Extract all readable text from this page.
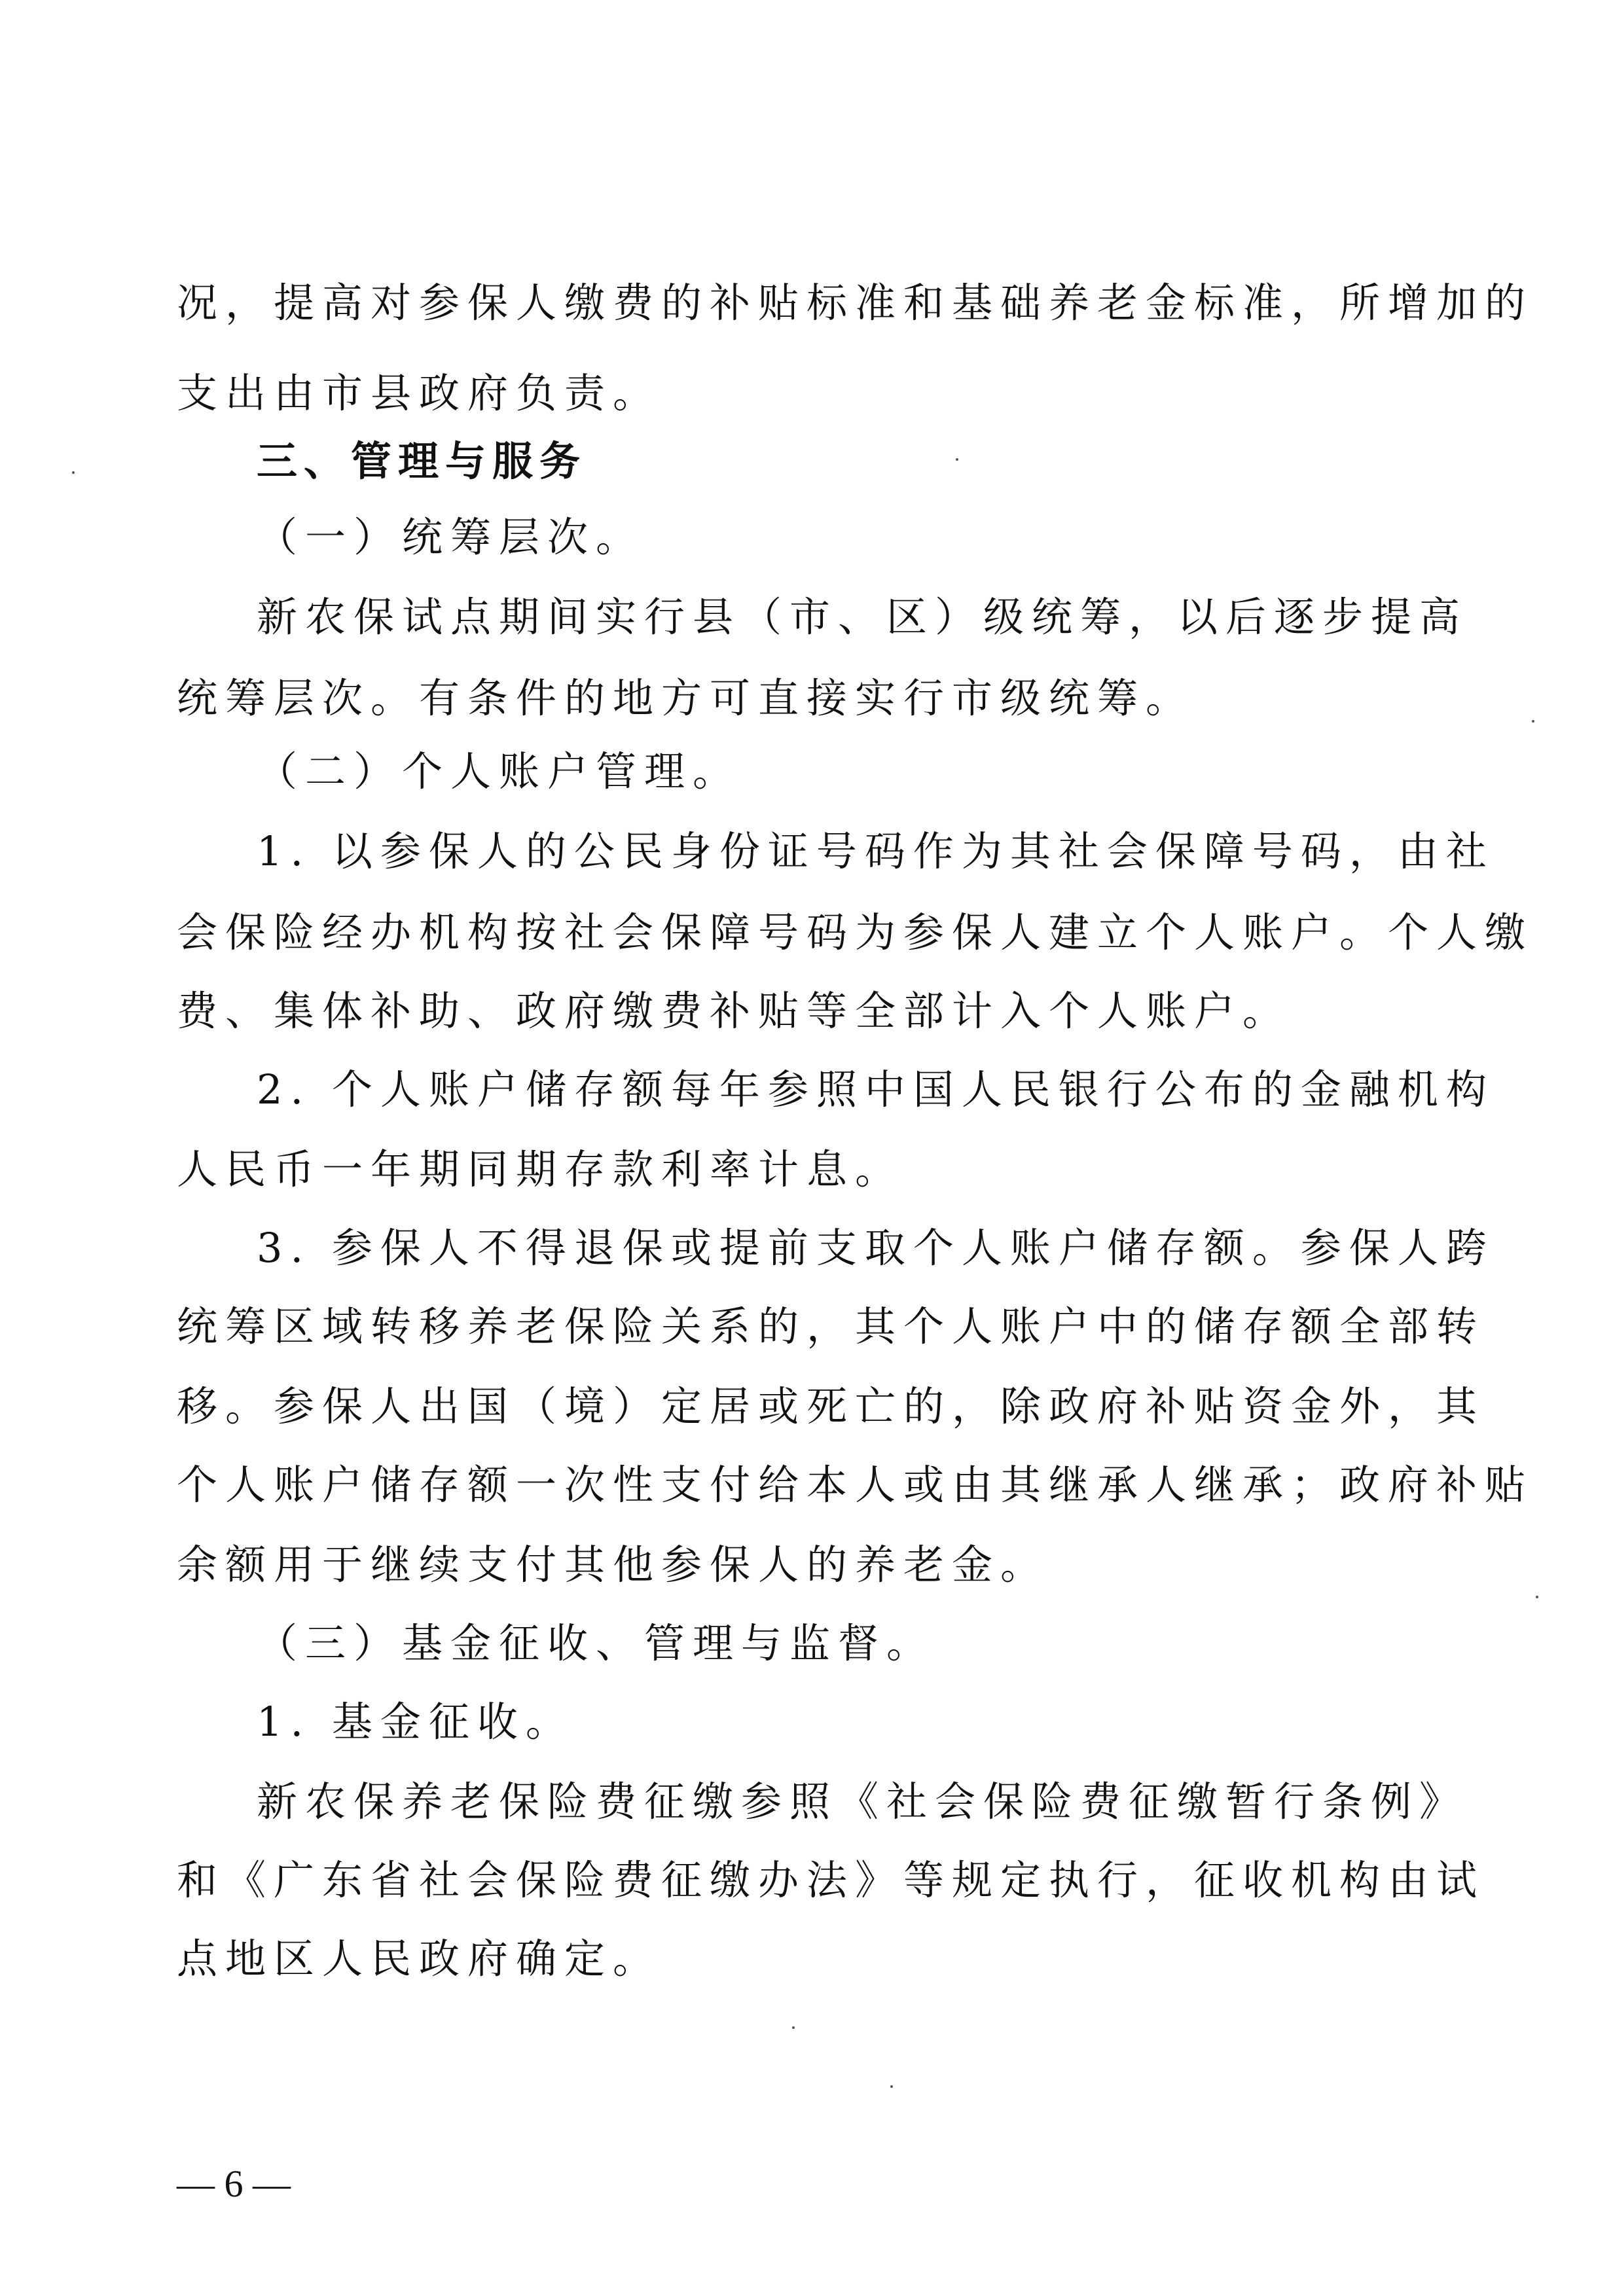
况，提高对参保人缴费的补贴标准和基础养老金标准，所增加的
支出由市县政府负责。
三、管理与服务
（一）统筹层次。
新农保试点期间实行县（市、区）级统筹，以后逐步提高
统筹层次。有条件的地方可直接实行市级统筹。
（二）个人账户管理。
1. 以参保人的公民身份证号码作为其社会保障号码，由社
会保险经办机构按社会保障号码为参保人建立个人账户。个人缴
费、集体补助、政府缴费补贴等全部计入个人账户。
2. 个人账户储存额每年参照中国人民银行公布的金融机构
人民币一年期同期存款利率计息。
3. 参保人不得退保或提前支取个人账户储存额。参保人跨
统筹区域转移养老保险关系的，其个人账户中的储存额全部转
移。参保人出国（境）定居或死亡的，除政府补贴资金外，其
个人账户储存额一次性支付给本人或由其继承人继承；政府补贴
余额用于继续支付其他参保人的养老金。
（三）基金征收、管理与监督。
1. 基金征收。
新农保养老保险费征缴参照《社会保险费征缴暂行条例》
和《广东省社会保险费征缴办法》等规定执行，征收机构由试
点地区人民政府确定。
— 6 —
